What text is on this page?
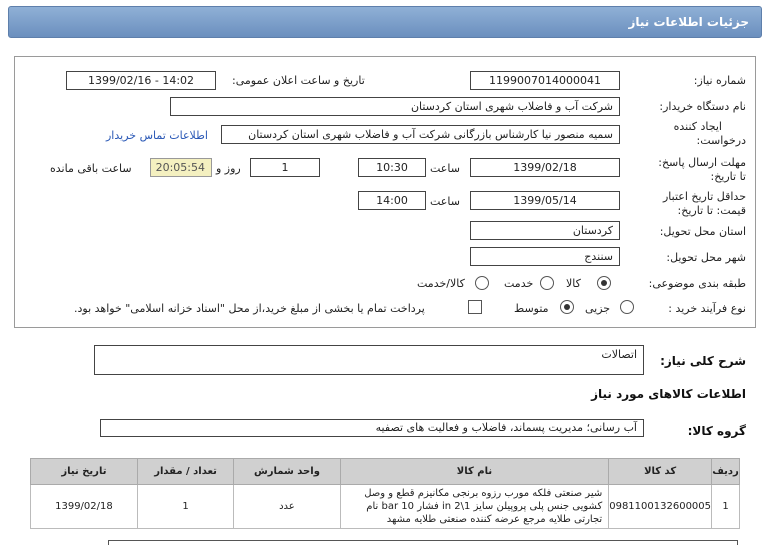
جزئیات اطلاعات نیاز
شماره نیاز:
1199007014000041
تاریخ و ساعت اعلان عمومی:
1399/02/16 - 14:02
نام دستگاه خریدار:
شرکت آب و فاضلاب شهری استان کردستان
ایجاد کننده
درخواست:
سمیه منصور نیا کارشناس بازرگانی شرکت آب و فاضلاب شهری استان کردستان
اطلاعات تماس خریدار
مهلت ارسال پاسخ:
تا تاریخ:
1399/02/18
ساعت
10:30
1
روز و
20:05:54
ساعت باقی مانده
حداقل تاریخ اعتبار
قیمت: تا تاریخ:
1399/05/14
ساعت
14:00
استان محل تحویل:
کردستان
شهر محل تحویل:
سنندج
طبقه بندی موضوعی:
کالا
خدمت
کالا/خدمت
نوع فرآیند خرید :
جزیی
متوسط
پرداخت تمام یا بخشی از مبلغ خرید،از محل "اسناد خزانه اسلامی" خواهد بود.
شرح کلی نیاز:
اتصالات
اطلاعات کالاهای مورد نیاز
گروه کالا:
آب رسانی؛ مدیریت پسماند، فاضلاب و فعالیت های تصفیه
ردیف	کد کالا	نام کالا	واحد شمارش	تعداد / مقدار	تاریخ نیاز
1	0981100132600005	شیر صنعتی فلکه مورب رزوه برنجی مکانیزم قطع و وصل کشویی جنس پلی پروپیلن سایز 1\2 in فشار 10 bar نام تجارتی طلایه مرجع عرضه کننده صنعتی طلایه مشهد	عدد	1	1399/02/18
